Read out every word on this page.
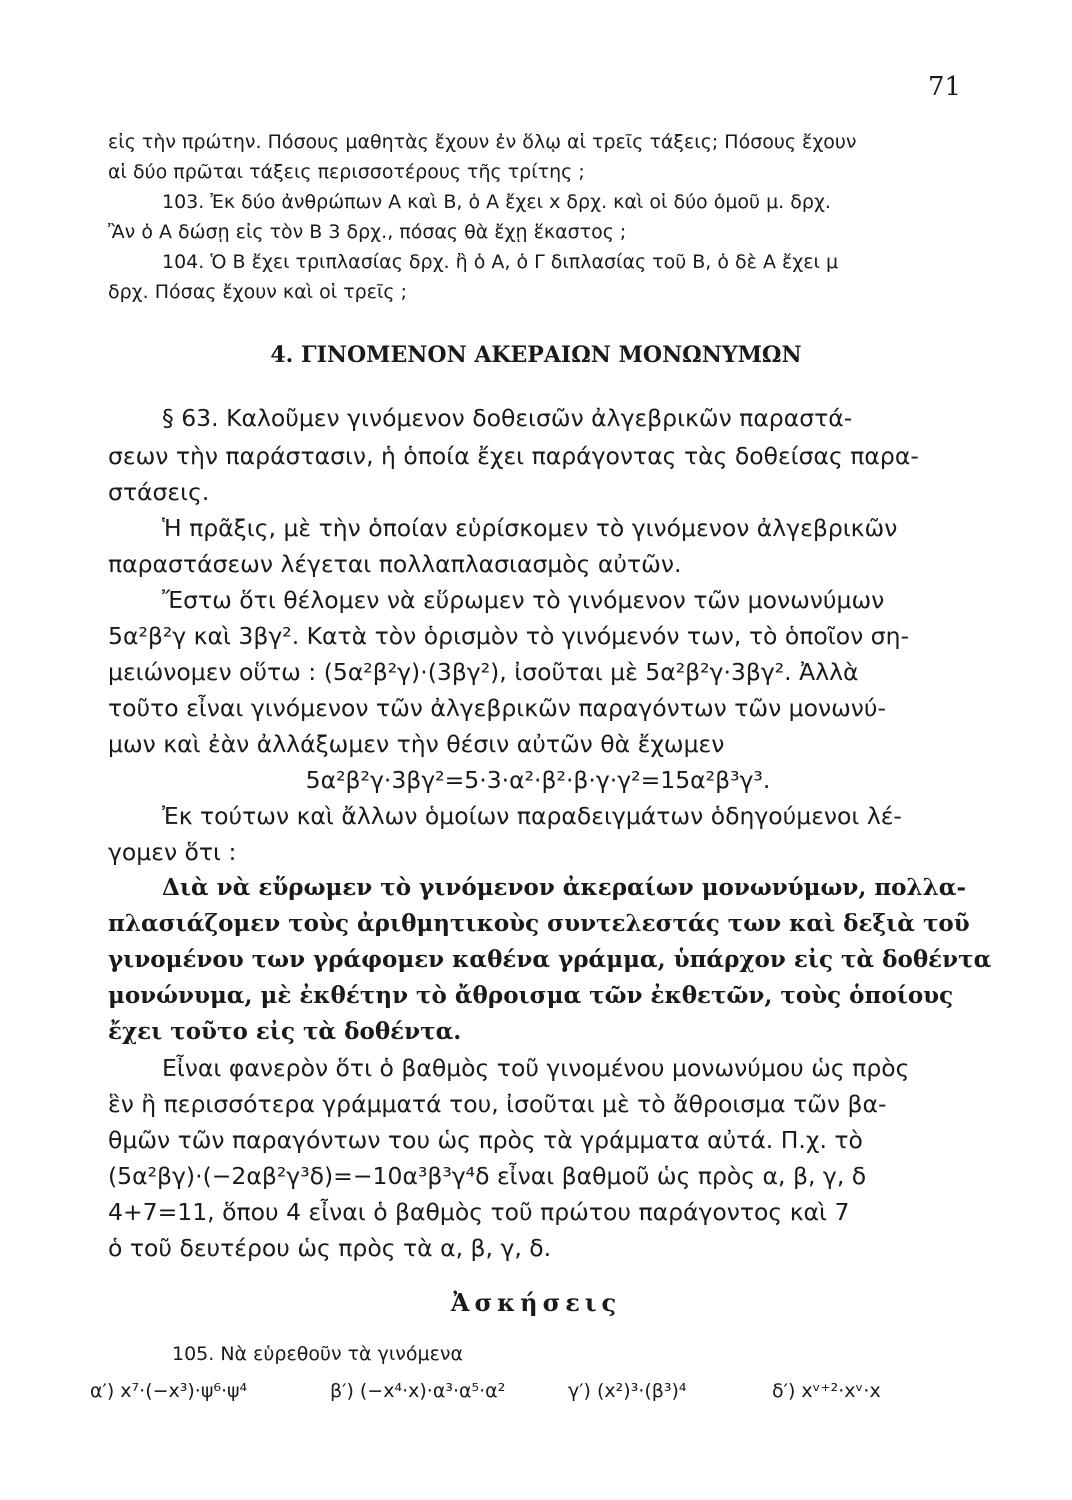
71
εἰς τὴν πρώτην. Πόσους μαθητὰς ἔχουν ἐν ὅλῳ αἱ τρεῖς τάξεις; Πόσους ἔχουν
αἱ δύο πρῶται τάξεις περισσοτέρους τῆς τρίτης ;
103. Ἐκ δύο ἀνθρώπων Α καὶ Β, ὁ Α ἔχει x δρχ. καὶ οἱ δύο ὁμοῦ μ. δρχ.
Ἂν ὁ Α δώσῃ εἰς τὸν Β 3 δρχ., πόσας θὰ ἔχῃ ἕκαστος ;
104. Ὁ Β ἔχει τριπλασίας δρχ. ἢ ὁ Α, ὁ Γ διπλασίας τοῦ Β, ὁ δὲ Α ἔχει μ
δρχ. Πόσας ἔχουν καὶ οἱ τρεῖς ;
4. ΓΙΝΟΜΕΝΟΝ ΑΚΕΡΑΙΩΝ ΜΟΝΩΝΥΜΩΝ
§ 63. Καλοῦμεν γινόμενον δοθεισῶν ἀλγεβρικῶν παραστά-
σεων τὴν παράστασιν, ἡ ὁποία ἔχει παράγοντας τὰς δοθείσας παρα-
στάσεις.
Ἡ πρᾶξις, μὲ τὴν ὁποίαν εὑρίσκομεν τὸ γινόμενον ἀλγεβρικῶν
παραστάσεων λέγεται πολλαπλασιασμὸς αὐτῶν.
Ἔστω ὅτι θέλομεν νὰ εὕρωμεν τὸ γινόμενον τῶν μονωνύμων
5α²β²γ καὶ 3βγ². Κατὰ τὸν ὁρισμὸν τὸ γινόμενόν των, τὸ ὁποῖον ση-
μειώνομεν οὕτω : (5α²β²γ)·(3βγ²), ἰσοῦται μὲ 5α²β²γ·3βγ². Ἀλλὰ
τοῦτο εἶναι γινόμενον τῶν ἀλγεβρικῶν παραγόντων τῶν μονωνύ-
μων καὶ ἐὰν ἀλλάξωμεν τὴν θέσιν αὐτῶν θὰ ἔχωμεν
5α²β²γ·3βγ²=5·3·α²·β²·β·γ·γ²=15α²β³γ³.
Ἐκ τούτων καὶ ἄλλων ὁμοίων παραδειγμάτων ὁδηγούμενοι λέ-
γομεν ὅτι :
Διὰ νὰ εὕρωμεν τὸ γινόμενον ἀκεραίων μονωνύμων, πολλα-
πλασιάζομεν τοὺς ἀριθμητικοὺς συντελεστάς των καὶ δεξιὰ τοῦ
γινομένου των γράφομεν καθένα γράμμα, ὑπάρχον εἰς τὰ δοθέντα
μονώνυμα, μὲ ἐκθέτην τὸ ἄθροισμα τῶν ἐκθετῶν, τοὺς ὁποίους
ἔχει τοῦτο εἰς τὰ δοθέντα.
Εἶναι φανερὸν ὅτι ὁ βαθμὸς τοῦ γινομένου μονωνύμου ὡς πρὸς
ἓν ἢ περισσότερα γράμματά του, ἰσοῦται μὲ τὸ ἄθροισμα τῶν βα-
θμῶν τῶν παραγόντων του ὡς πρὸς τὰ γράμματα αὐτά. Π.χ. τὸ
(5α²βγ)·(−2αβ²γ³δ)=−10α³β³γ⁴δ εἶναι βαθμοῦ ὡς πρὸς α, β, γ, δ
4+7=11, ὅπου 4 εἶναι ὁ βαθμὸς τοῦ πρώτου παράγοντος καὶ 7
ὁ τοῦ δευτέρου ὡς πρὸς τὰ α, β, γ, δ.
Ἀσκήσεις
105. Νὰ εὑρεθοῦν τὰ γινόμενα
α′) x⁷·(−x³)·ψ⁶·ψ⁴	β′) (−x⁴·x)·α³·α⁵·α²	γ′) (x²)³·(β³)⁴	δ′) xᵛ⁺²·xᵛ·x
